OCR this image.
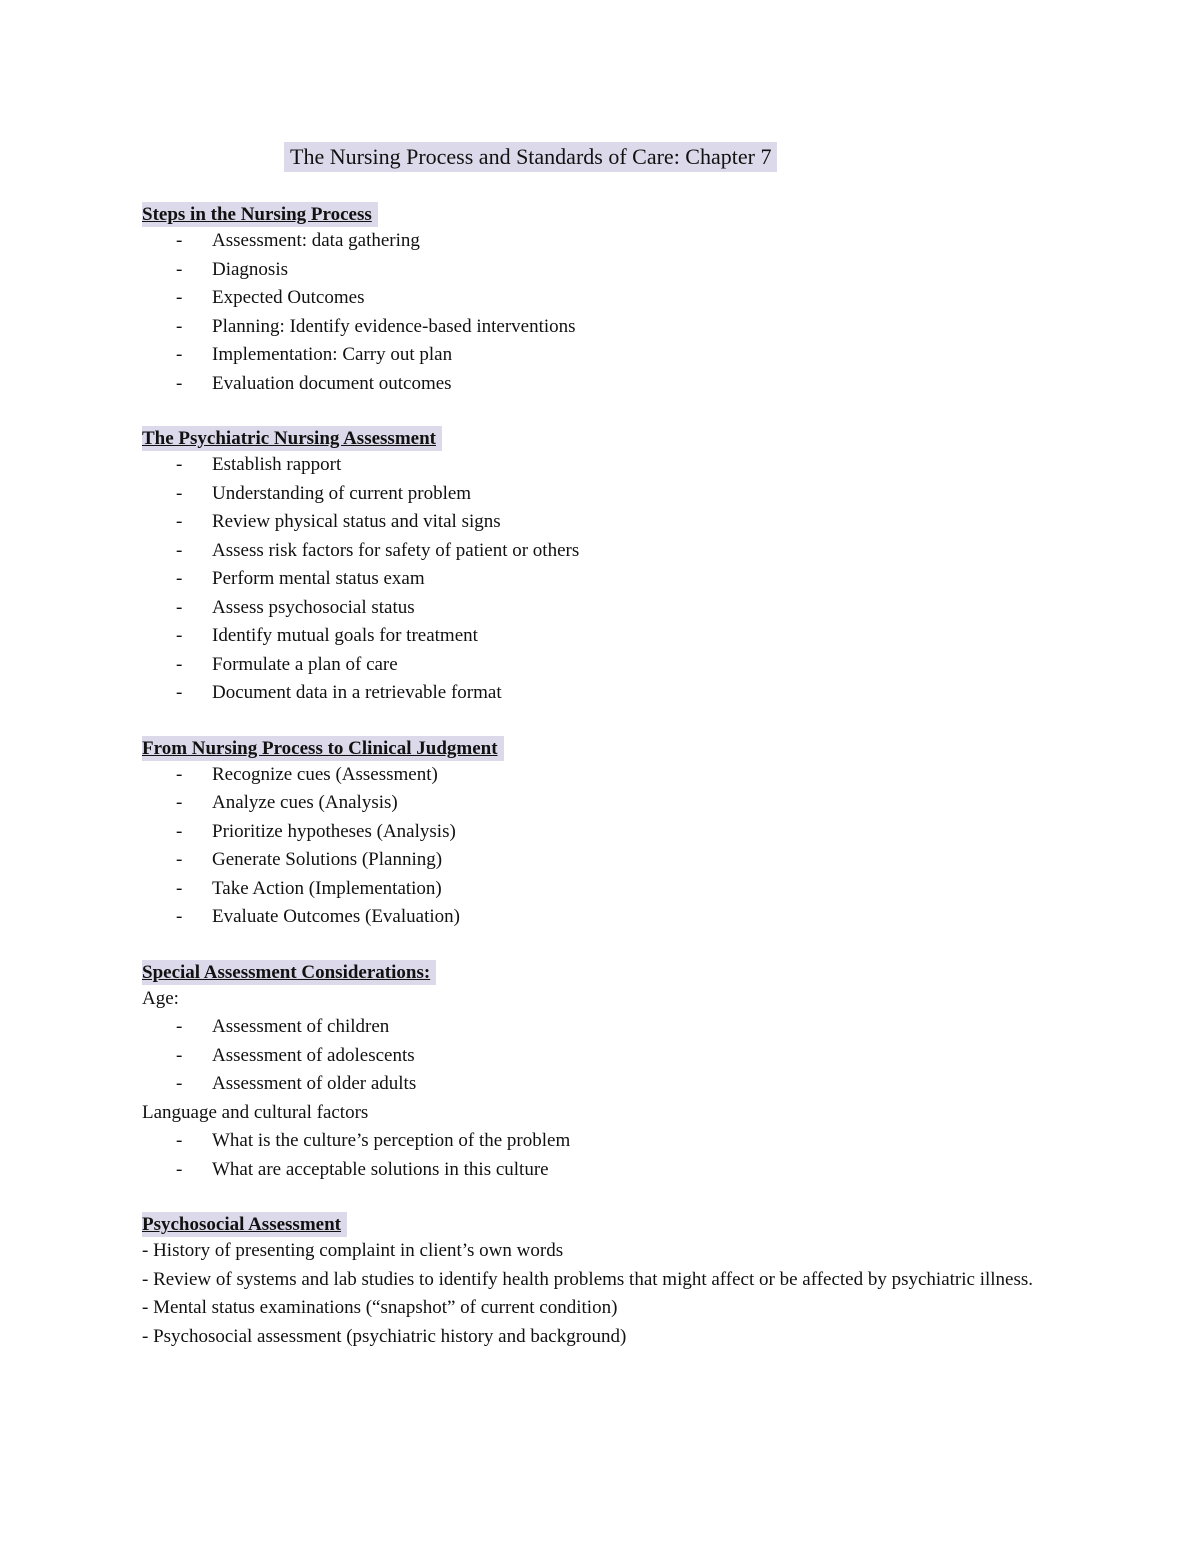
The Nursing Process and Standards of Care: Chapter 7
Steps in the Nursing Process
- Assessment: data gathering
- Diagnosis
- Expected Outcomes
- Planning: Identify evidence-based interventions
- Implementation: Carry out plan
- Evaluation document outcomes
The Psychiatric Nursing Assessment
- Establish rapport
- Understanding of current problem
- Review physical status and vital signs
- Assess risk factors for safety of patient or others
- Perform mental status exam
- Assess psychosocial status
- Identify mutual goals for treatment
- Formulate a plan of care
- Document data in a retrievable format
From Nursing Process to Clinical Judgment
- Recognize cues (Assessment)
- Analyze cues (Analysis)
- Prioritize hypotheses (Analysis)
- Generate Solutions (Planning)
- Take Action (Implementation)
- Evaluate Outcomes (Evaluation)
Special Assessment Considerations:
Age:
- Assessment of children
- Assessment of adolescents
- Assessment of older adults
Language and cultural factors
- What is the culture’s perception of the problem
- What are acceptable solutions in this culture
Psychosocial Assessment
- History of presenting complaint in client’s own words
- Review of systems and lab studies to identify health problems that might affect or be affected by psychiatric illness.
- Mental status examinations (“snapshot” of current condition)
- Psychosocial assessment (psychiatric history and background)
